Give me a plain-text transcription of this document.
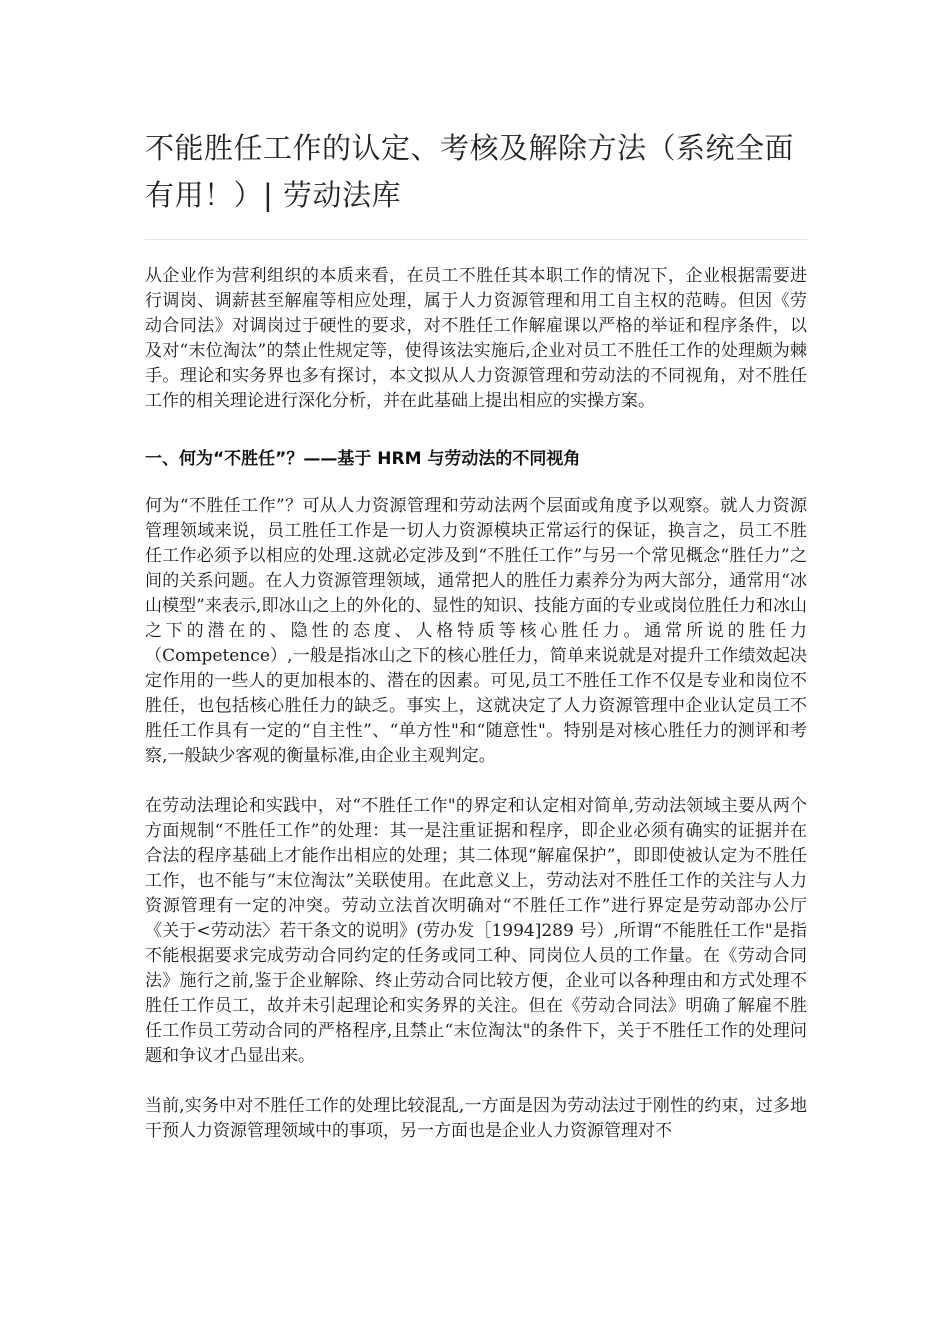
不能胜任工作的认定、考核及解除方法（系统全面有用！）| 劳动法库

从企业作为营利组织的本质来看，在员工不胜任其本职工作的情况下，企业根据需要进行调岗、调薪甚至解雇等相应处理，属于人力资源管理和用工自主权的范畴。但因《劳动合同法》对调岗过于硬性的要求，对不胜任工作解雇课以严格的举证和程序条件，以及对“末位淘汰”的禁止性规定等，使得该法实施后,企业对员工不胜任工作的处理颇为棘手。理论和实务界也多有探讨，本文拟从人力资源管理和劳动法的不同视角，对不胜任工作的相关理论进行深化分析，并在此基础上提出相应的实操方案。

一、何为“不胜任”？——基于 HRM 与劳动法的不同视角

何为“不胜任工作”？可从人力资源管理和劳动法两个层面或角度予以观察。就人力资源管理领域来说，员工胜任工作是一切人力资源模块正常运行的保证，换言之，员工不胜任工作必须予以相应的处理.这就必定涉及到“不胜任工作”与另一个常见概念“胜任力”之间的关系问题。在人力资源管理领域，通常把人的胜任力素养分为两大部分，通常用“冰山模型”来表示,即冰山之上的外化的、显性的知识、技能方面的专业或岗位胜任力和冰山之下的潜在的、隐性的态度、人格特质等核心胜任力。通常所说的胜任力（Competence）,一般是指冰山之下的核心胜任力，简单来说就是对提升工作绩效起决定作用的一些人的更加根本的、潜在的因素。可见,员工不胜任工作不仅是专业和岗位不胜任，也包括核心胜任力的缺乏。事实上，这就决定了人力资源管理中企业认定员工不胜任工作具有一定的“自主性”、“单方性"和“随意性"。特别是对核心胜任力的测评和考察,一般缺少客观的衡量标准,由企业主观判定。

在劳动法理论和实践中，对“不胜任工作"的界定和认定相对简单,劳动法领域主要从两个方面规制“不胜任工作”的处理：其一是注重证据和程序，即企业必须有确实的证据并在合法的程序基础上才能作出相应的处理；其二体现“解雇保护”，即即使被认定为不胜任工作，也不能与“末位淘汰”关联使用。在此意义上，劳动法对不胜任工作的关注与人力资源管理有一定的冲突。劳动立法首次明确对“不胜任工作”进行界定是劳动部办公厅《关于<劳动法〉若干条文的说明》(劳办发［1994]289 号）,所谓“不能胜任工作"是指不能根据要求完成劳动合同约定的任务或同工种、同岗位人员的工作量。在《劳动合同法》施行之前,鉴于企业解除、终止劳动合同比较方便，企业可以各种理由和方式处理不胜任工作员工，故并未引起理论和实务界的关注。但在《劳动合同法》明确了解雇不胜任工作员工劳动合同的严格程序,且禁止“末位淘汰"的条件下，关于不胜任工作的处理问题和争议才凸显出来。

当前,实务中对不胜任工作的处理比较混乱,一方面是因为劳动法过于刚性的约束，过多地干预人力资源管理领域中的事项，另一方面也是企业人力资源管理对不
